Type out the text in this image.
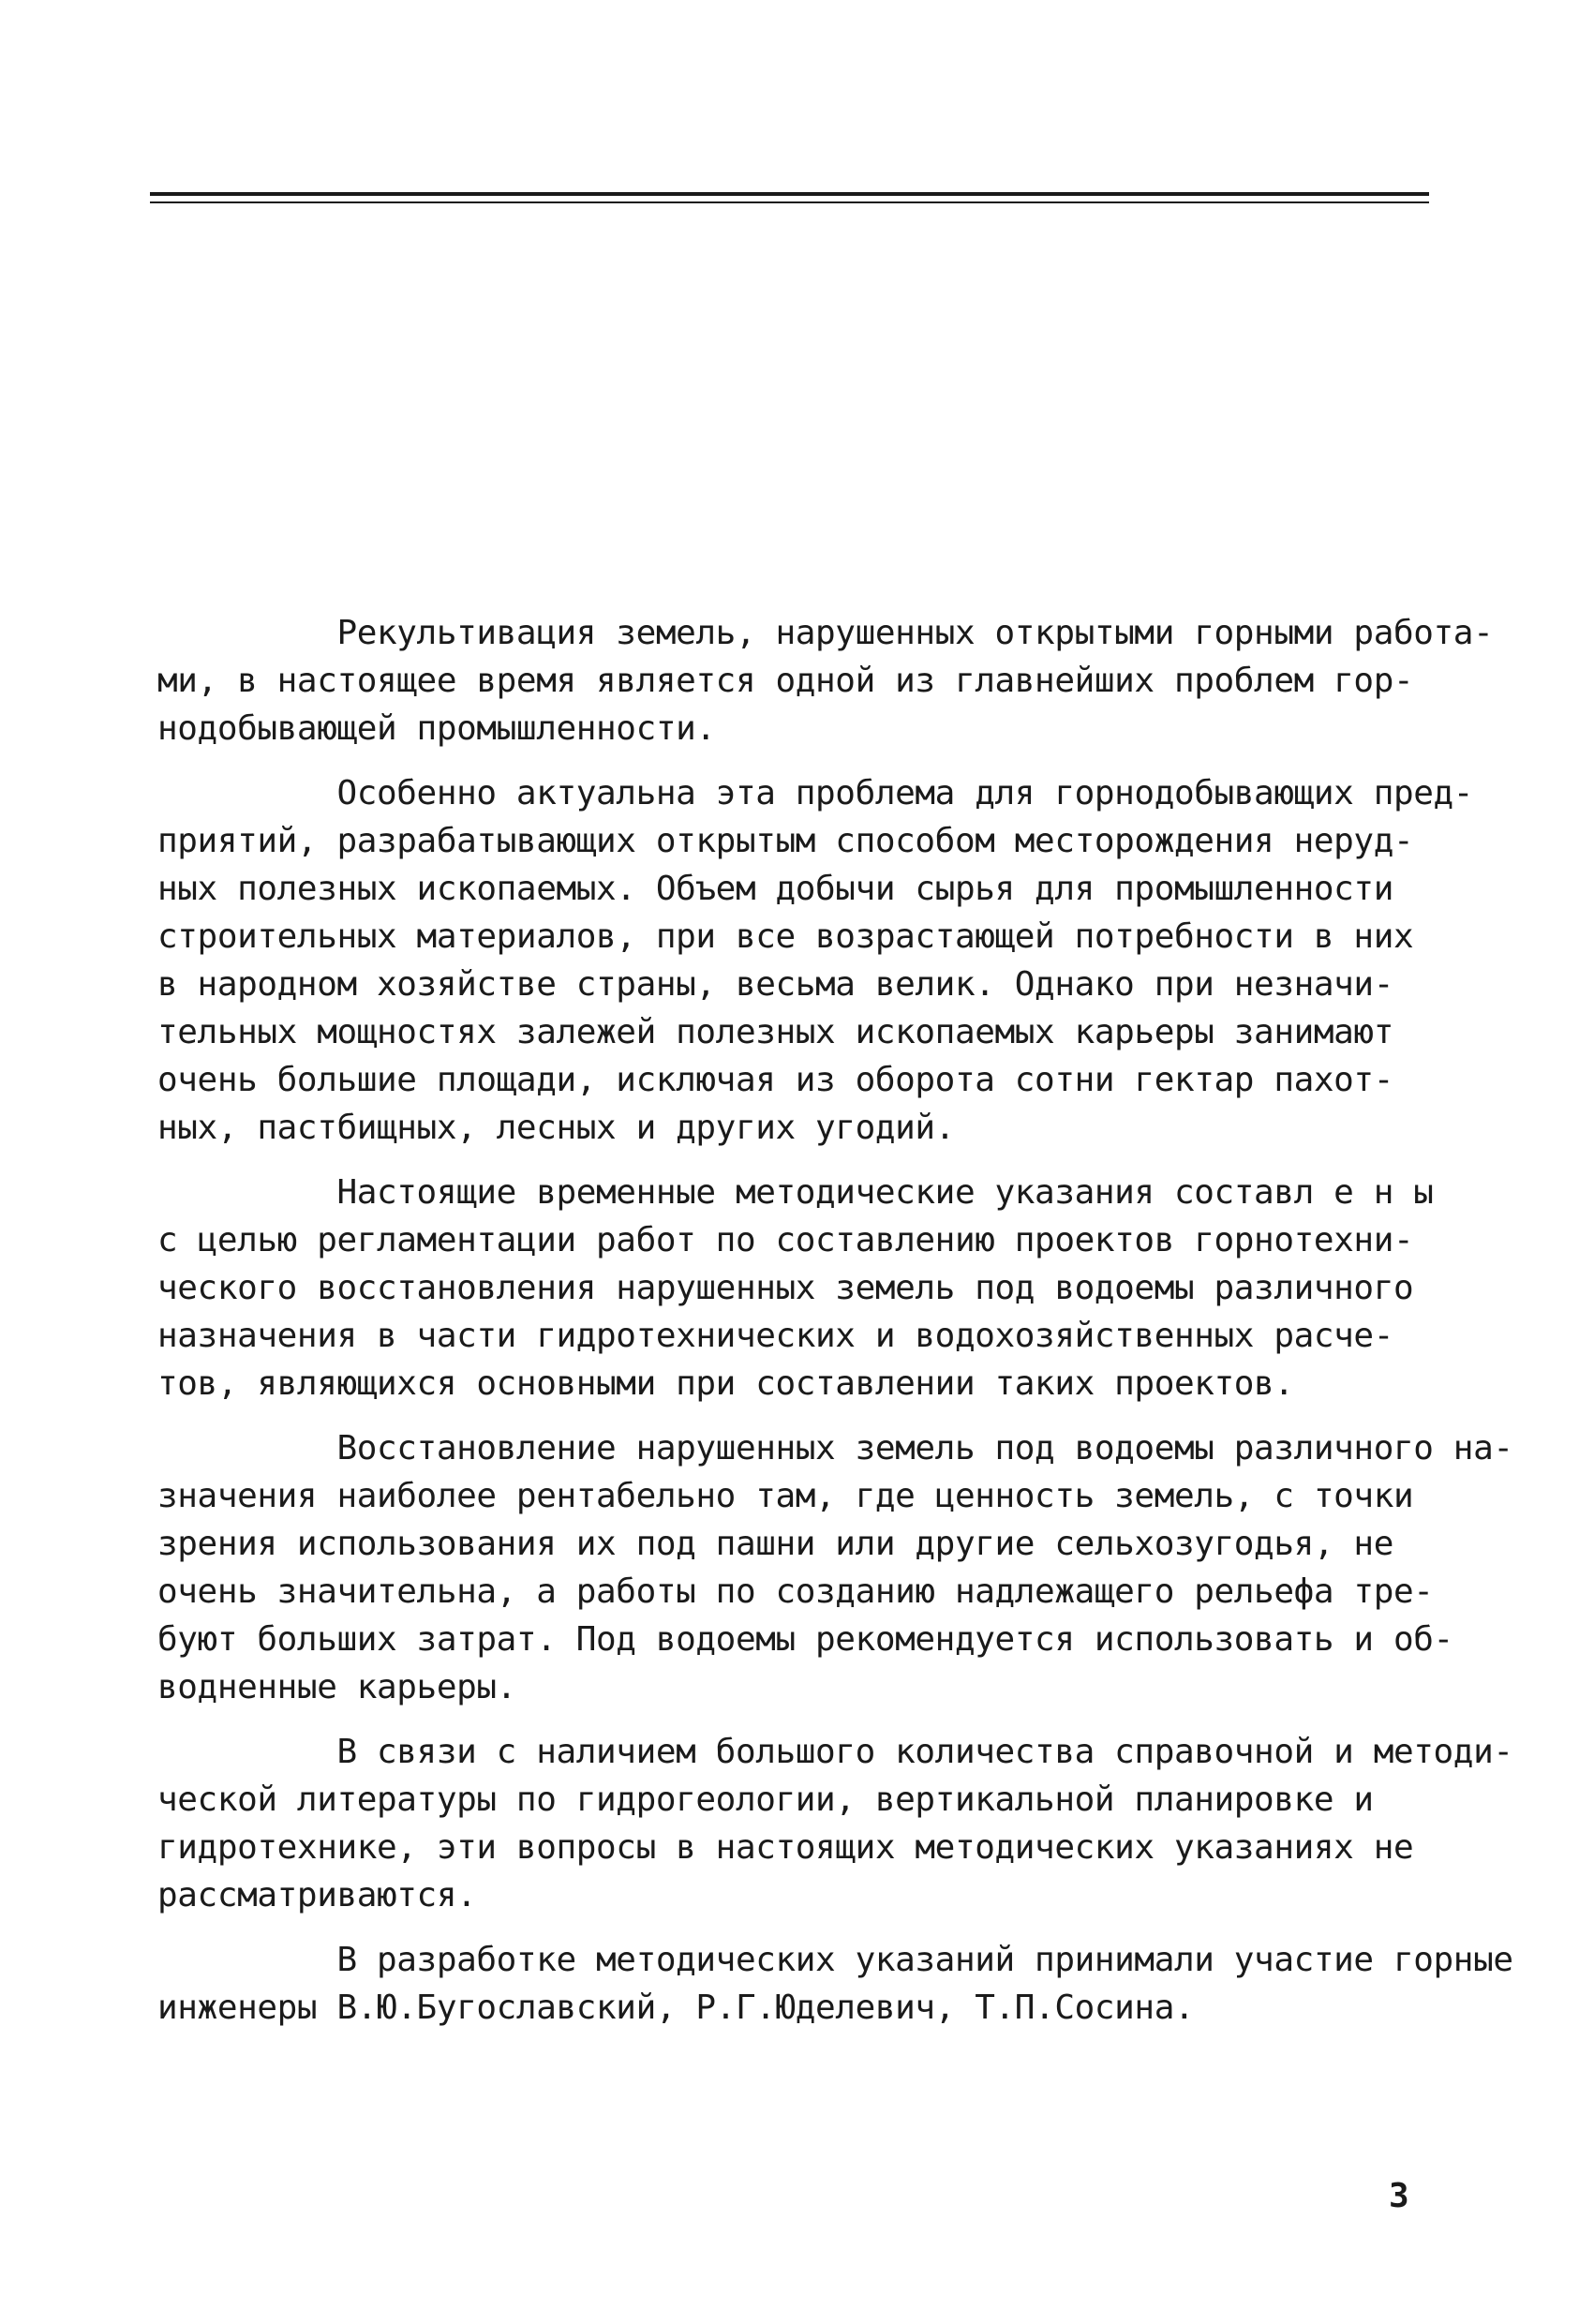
Рекультивация земель, нарушенных открытыми горными работа-
ми, в настоящее время является одной из главнейших проблем гор-
нодобывающей промышленности.
Особенно актуальна эта проблема для горнодобывающих пред-
приятий, разрабатывающих открытым способом месторождения неруд-
ных полезных ископаемых. Объем добычи сырья для промышленности
строительных материалов, при все возрастающей потребности в них
в народном хозяйстве страны, весьма велик. Однако при незначи-
тельных мощностях залежей полезных ископаемых карьеры занимают
очень большие площади, исключая из оборота сотни гектар пахот-
ных, пастбищных, лесных и других угодий.
Настоящие временные методические указания составл е н ы
с целью регламентации работ по составлению проектов горнотехни-
ческого восстановления нарушенных земель под водоемы различного
назначения в части гидротехнических и водохозяйственных расче-
тов, являющихся основными при составлении таких проектов.
Восстановление нарушенных земель под водоемы различного на-
значения наиболее рентабельно там, где ценность земель, с точки
зрения использования их под пашни или другие сельхозугодья, не
очень значительна, а работы по созданию надлежащего рельефа тре-
буют больших затрат. Под водоемы рекомендуется использовать и об-
водненные карьеры.
В связи с наличием большого количества справочной и методи-
ческой литературы по гидрогеологии, вертикальной планировке и
гидротехнике, эти вопросы в настоящих методических указаниях не
рассматриваются.
В разработке методических указаний принимали участие горные
инженеры В.Ю.Бугославский, Р.Г.Юделевич, Т.П.Сосина.
3
